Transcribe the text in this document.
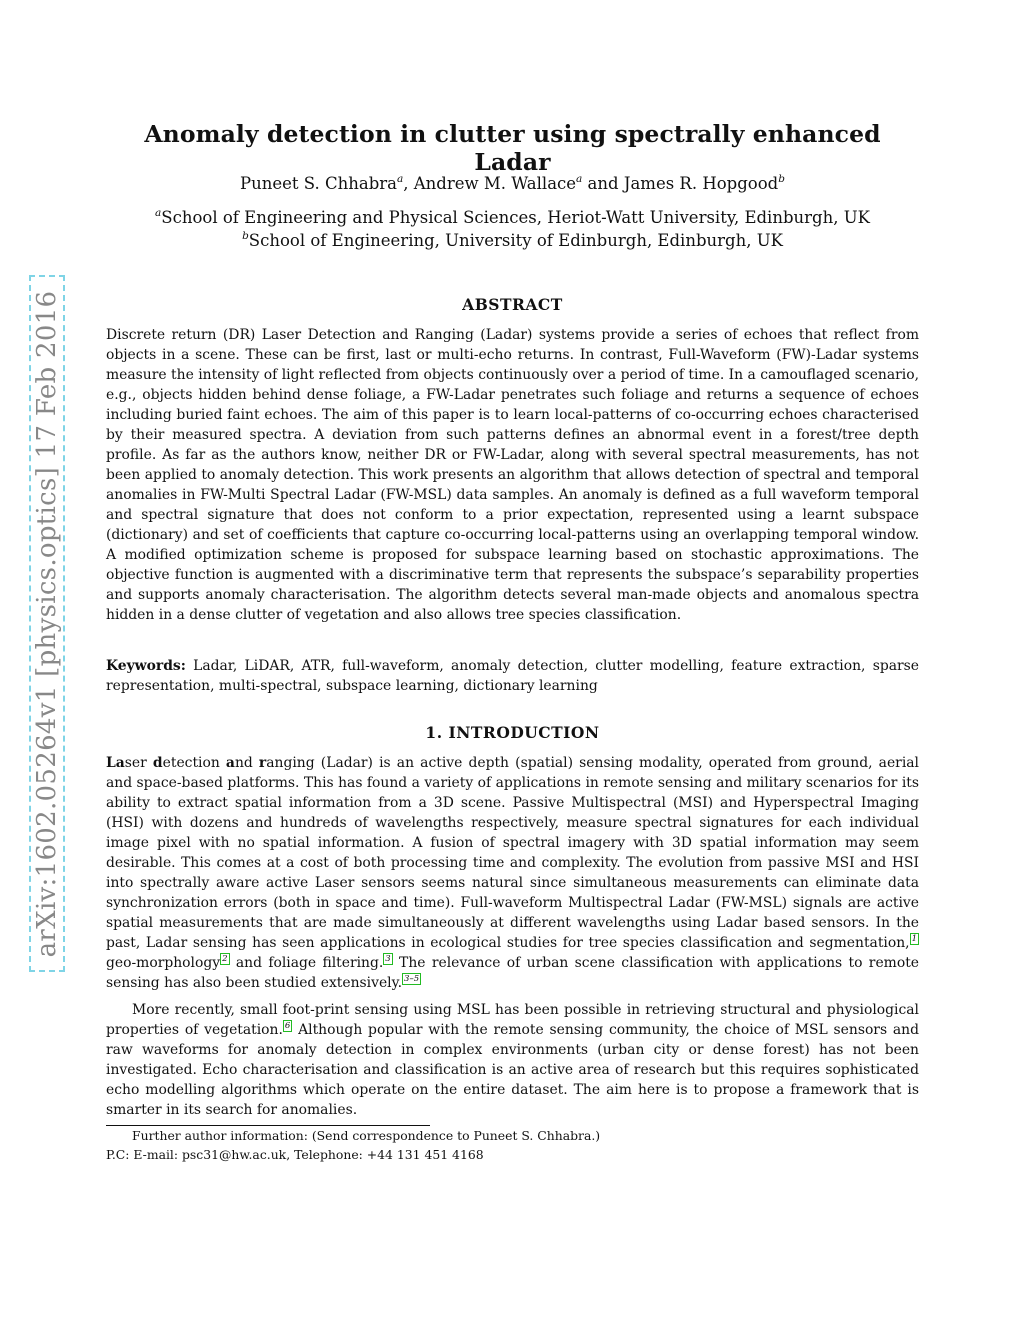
arXiv:1602.05264v1 [physics.optics] 17 Feb 2016
Anomaly detection in clutter using spectrally enhanced Ladar
Puneet S. Chhabra$^a$, Andrew M. Wallace$^a$ and James R. Hopgood$^b$
$^a$School of Engineering and Physical Sciences, Heriot-Watt University, Edinburgh, UK
$^b$School of Engineering, University of Edinburgh, Edinburgh, UK
ABSTRACT

Discrete return (DR) Laser Detection and Ranging (Ladar) systems provide a series of echoes that reflect from objects in a scene. These can be first, last or multi-echo returns. In contrast, Full-Waveform (FW)-Ladar systems measure the intensity of light reflected from objects continuously over a period of time. In a camouflaged scenario, e.g., objects hidden behind dense foliage, a FW-Ladar penetrates such foliage and returns a sequence of echoes including buried faint echoes. The aim of this paper is to learn local-patterns of co-occurring echoes characterised by their measured spectra. A deviation from such patterns defines an abnormal event in a forest/tree depth profile. As far as the authors know, neither DR or FW-Ladar, along with several spectral measurements, has not been applied to anomaly detection. This work presents an algorithm that allows detection of spectral and temporal anomalies in FW-Multi Spectral Ladar (FW-MSL) data samples. An anomaly is defined as a full waveform temporal and spectral signature that does not conform to a prior expectation, represented using a learnt subspace (dictionary) and set of coefficients that capture co-occurring local-patterns using an overlapping temporal window. A modified optimization scheme is proposed for subspace learning based on stochastic approximations. The objective function is augmented with a discriminative term that represents the subspace’s separability properties and supports anomaly characterisation. The algorithm detects several man-made objects and anomalous spectra hidden in a dense clutter of vegetation and also allows tree species classification.

Keywords: Ladar, LiDAR, ATR, full-waveform, anomaly detection, clutter modelling, feature extraction, sparse representation, multi-spectral, subspace learning, dictionary learning

1. INTRODUCTION

Laser detection and ranging (Ladar) is an active depth (spatial) sensing modality, operated from ground, aerial and space-based platforms. This has found a variety of applications in remote sensing and military scenarios for its ability to extract spatial information from a 3D scene. Passive Multispectral (MSI) and Hyperspectral Imaging (HSI) with dozens and hundreds of wavelengths respectively, measure spectral signatures for each individual image pixel with no spatial information. A fusion of spectral imagery with 3D spatial information may seem desirable. This comes at a cost of both processing time and complexity. The evolution from passive MSI and HSI into spectrally aware active Laser sensors seems natural since simultaneous measurements can eliminate data synchronization errors (both in space and time). Full-waveform Multispectral Ladar (FW-MSL) signals are active spatial measurements that are made simultaneously at different wavelengths using Ladar based sensors. In the past, Ladar sensing has seen applications in ecological studies for tree species classification and segmentation, $^1$ geo-morphology $^2$ and foliage filtering. $^3$ The relevance of urban scene classification with applications to remote sensing has also been studied extensively. $^{3-5}$

More recently, small foot-print sensing using MSL has been possible in retrieving structural and physiological properties of vegetation. $^6$ Although popular with the remote sensing community, the choice of MSL sensors and raw waveforms for anomaly detection in complex environments (urban city or dense forest) has not been investigated. Echo characterisation and classification is an active area of research but this requires sophisticated echo modelling algorithms which operate on the entire dataset. The aim here is to propose a framework that is smarter in its search for anomalies.

Further author information: (Send correspondence to Puneet S. Chhabra.)
P.C: E-mail: psc31@hw.ac.uk, Telephone: +44 131 451 4168
